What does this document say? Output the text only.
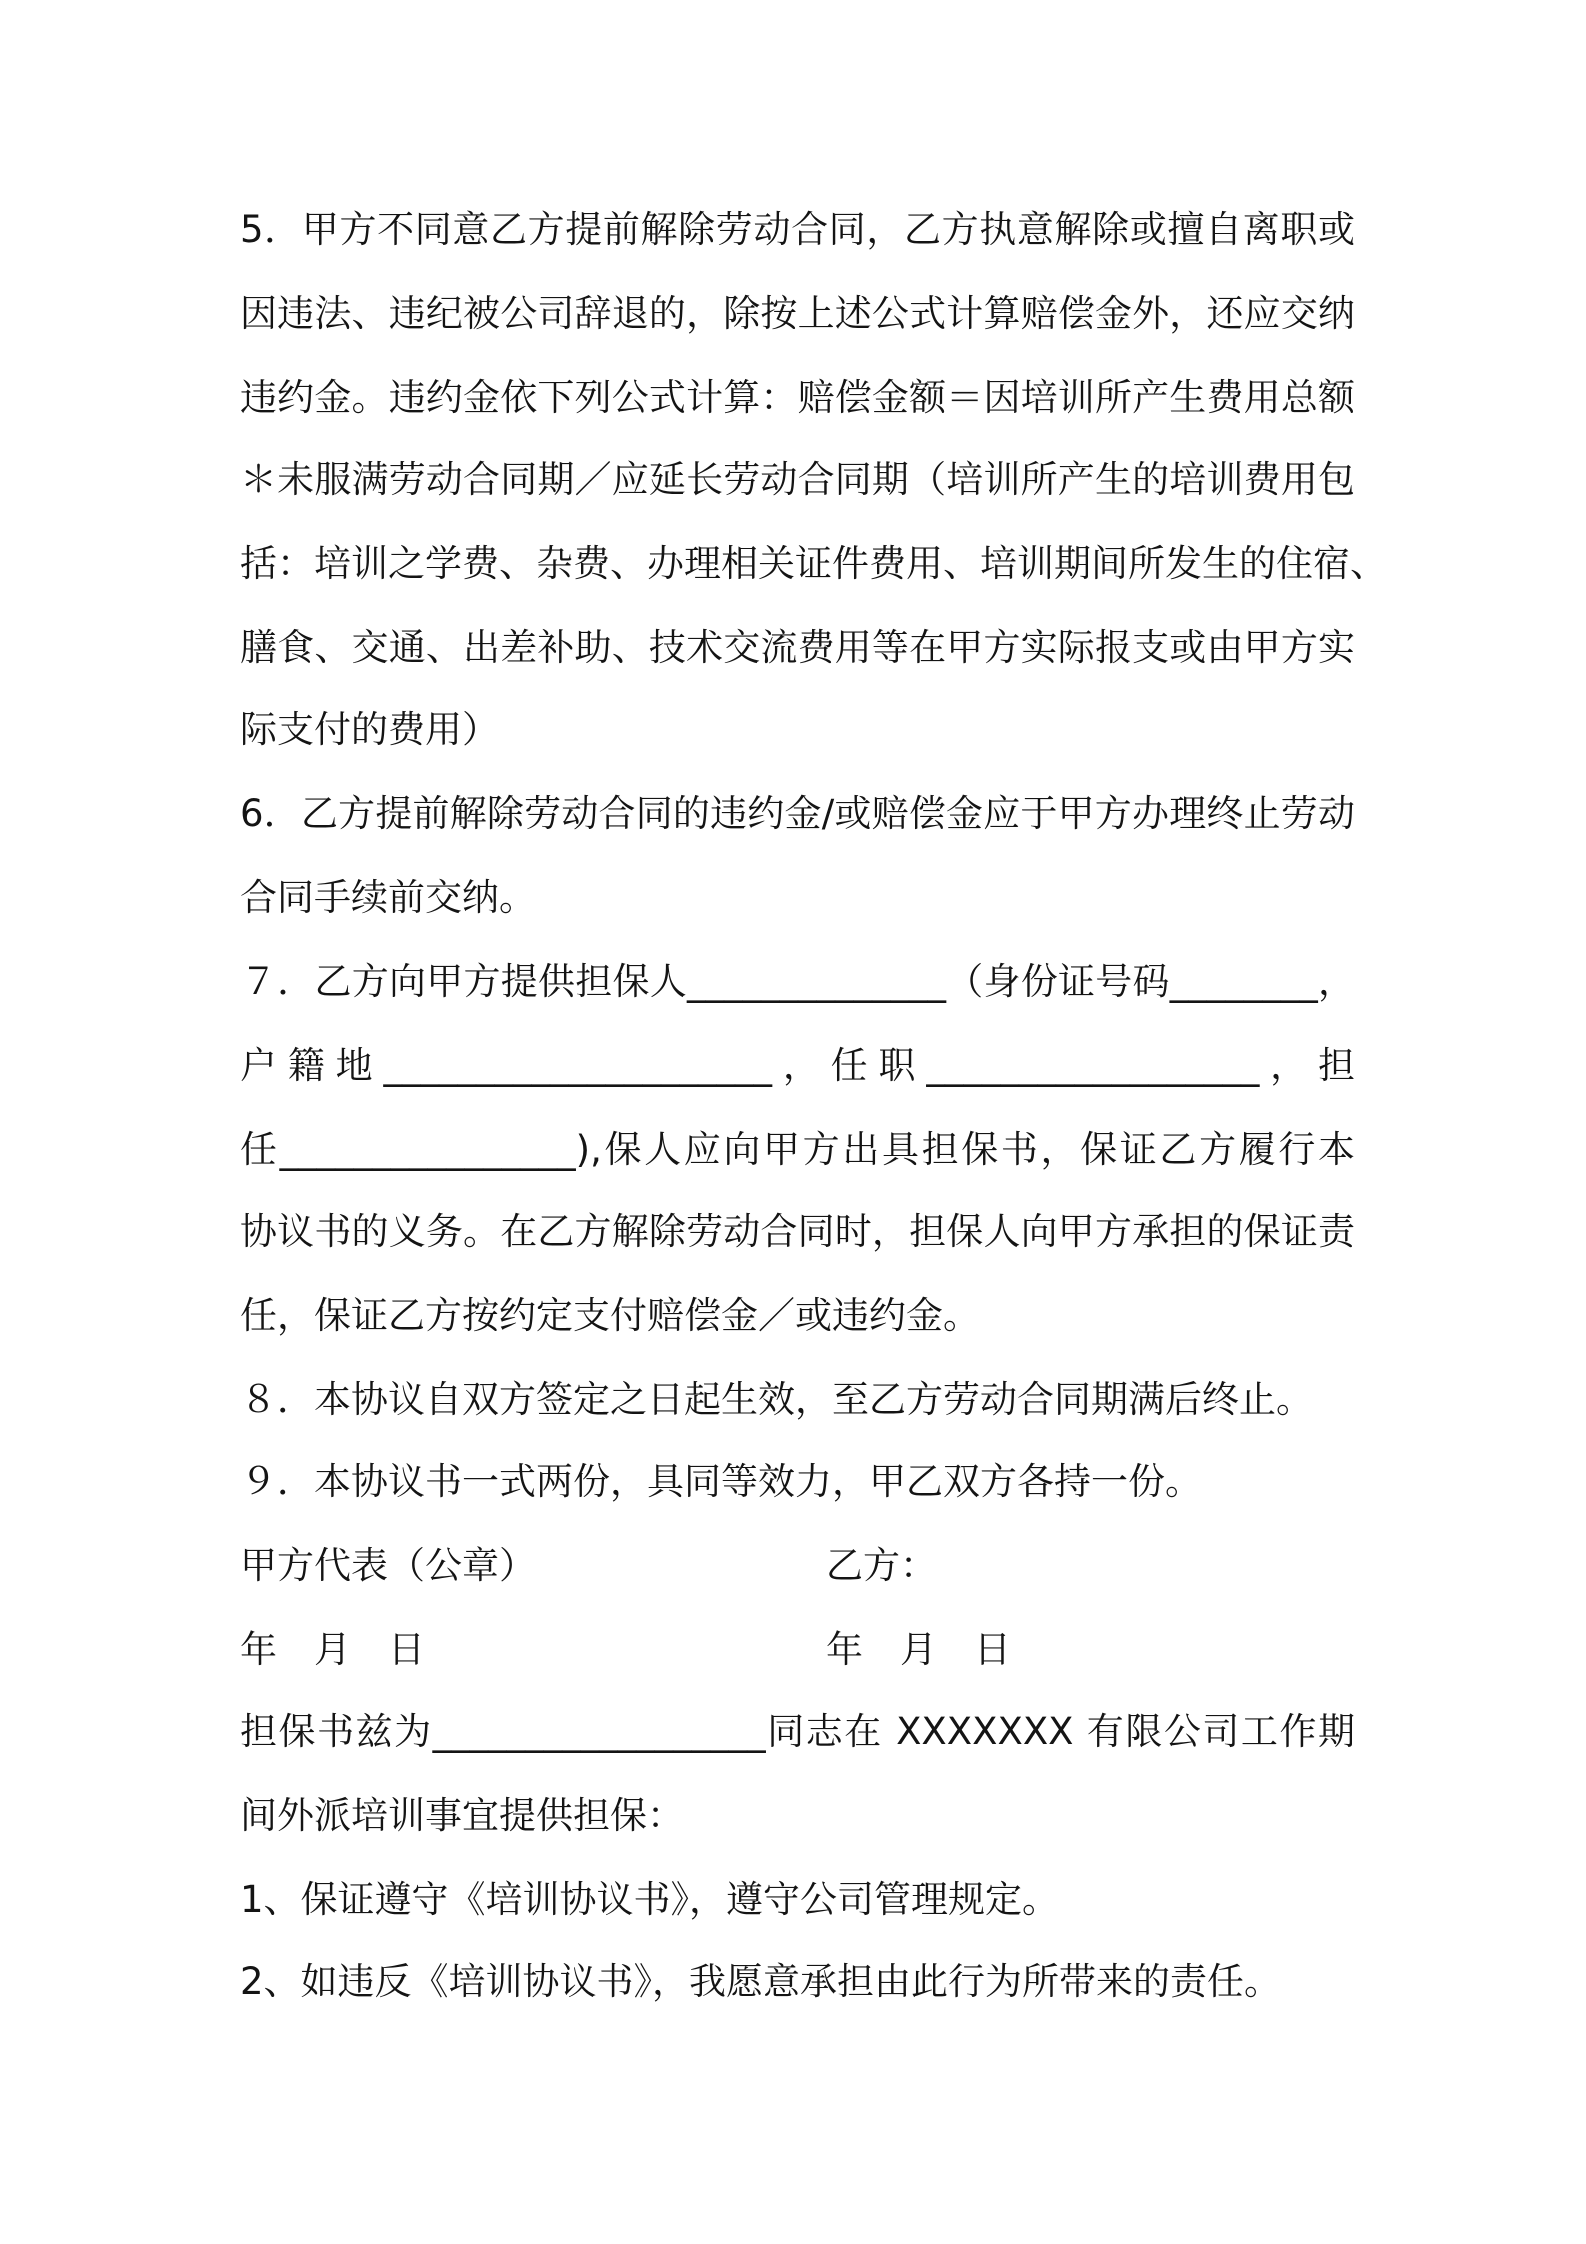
5．甲方不同意乙方提前解除劳动合同，乙方执意解除或擅自离职或
因违法、违纪被公司辞退的，除按上述公式计算赔偿金外，还应交纳
违约金。违约金依下列公式计算：赔偿金额＝因培训所产生费用总额
＊未服满劳动合同期／应延长劳动合同期（培训所产生的培训费用包
括：培训之学费、杂费、办理相关证件费用、培训期间所发生的住宿、
膳食、交通、出差补助、技术交流费用等在甲方实际报支或由甲方实
际支付的费用）
6．乙方提前解除劳动合同的违约金/或赔偿金应于甲方办理终止劳动
合同手续前交纳。
７．乙方向甲方提供担保人______________（身份证号码________，
户籍地_____________________，任职__________________，担
任________________),保人应向甲方出具担保书，保证乙方履行本
协议书的义务。在乙方解除劳动合同时，担保人向甲方承担的保证责
任，保证乙方按约定支付赔偿金／或违约金。
８．本协议自双方签定之日起生效，至乙方劳动合同期满后终止。
９．本协议书一式两份，具同等效力，甲乙双方各持一份。
甲方代表（公章）	乙方：
年　月　日	年　月　日
担保书兹为__________________同志在 XXXXXXX 有限公司工作期
间外派培训事宜提供担保：
1、保证遵守《培训协议书》，遵守公司管理规定。
2、如违反《培训协议书》，我愿意承担由此行为所带来的责任。
